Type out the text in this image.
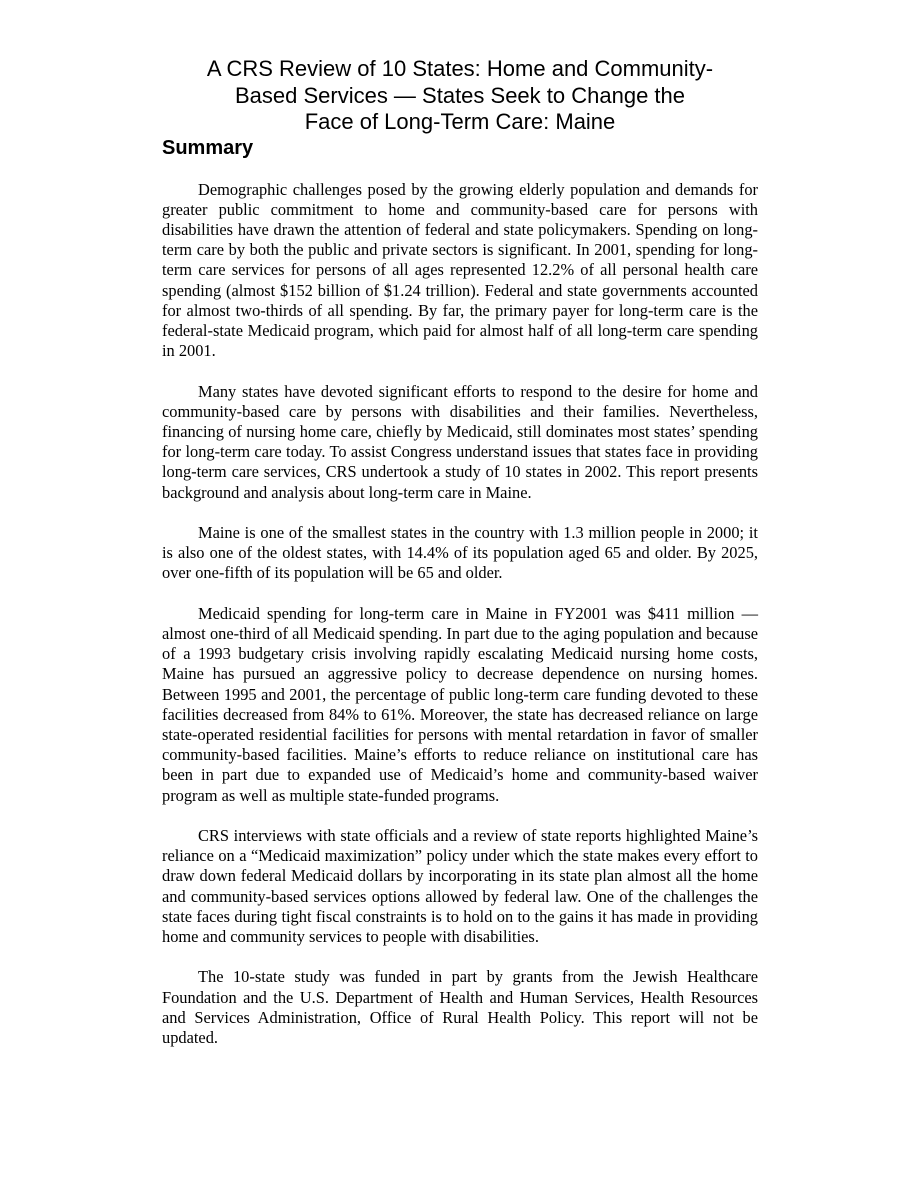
A CRS Review of 10 States: Home and Community-
Based Services — States Seek to Change the
Face of Long-Term Care: Maine
Summary

Demographic challenges posed by the growing elderly population and demands for greater public commitment to home and community-based care for persons with disabilities have drawn the attention of federal and state policymakers. Spending on long-term care by both the public and private sectors is significant. In 2001, spending for long-term care services for persons of all ages represented 12.2% of all personal health care spending (almost $152 billion of $1.24 trillion). Federal and state governments accounted for almost two-thirds of all spending. By far, the primary payer for long-term care is the federal-state Medicaid program, which paid for almost half of all long-term care spending in 2001.

Many states have devoted significant efforts to respond to the desire for home and community-based care by persons with disabilities and their families. Nevertheless, financing of nursing home care, chiefly by Medicaid, still dominates most states’ spending for long-term care today. To assist Congress understand issues that states face in providing long-term care services, CRS undertook a study of 10 states in 2002. This report presents background and analysis about long-term care in Maine.

Maine is one of the smallest states in the country with 1.3 million people in 2000; it is also one of the oldest states, with 14.4% of its population aged 65 and older. By 2025, over one-fifth of its population will be 65 and older.

Medicaid spending for long-term care in Maine in FY2001 was $411 million — almost one-third of all Medicaid spending. In part due to the aging population and because of a 1993 budgetary crisis involving rapidly escalating Medicaid nursing home costs, Maine has pursued an aggressive policy to decrease dependence on nursing homes. Between 1995 and 2001, the percentage of public long-term care funding devoted to these facilities decreased from 84% to 61%. Moreover, the state has decreased reliance on large state-operated residential facilities for persons with mental retardation in favor of smaller community-based facilities. Maine’s efforts to reduce reliance on institutional care has been in part due to expanded use of Medicaid’s home and community-based waiver program as well as multiple state-funded programs.

CRS interviews with state officials and a review of state reports highlighted Maine’s reliance on a “Medicaid maximization” policy under which the state makes every effort to draw down federal Medicaid dollars by incorporating in its state plan almost all the home and community-based services options allowed by federal law. One of the challenges the state faces during tight fiscal constraints is to hold on to the gains it has made in providing home and community services to people with disabilities.

The 10-state study was funded in part by grants from the Jewish Healthcare Foundation and the U.S. Department of Health and Human Services, Health Resources and Services Administration, Office of Rural Health Policy. This report will not be updated.
